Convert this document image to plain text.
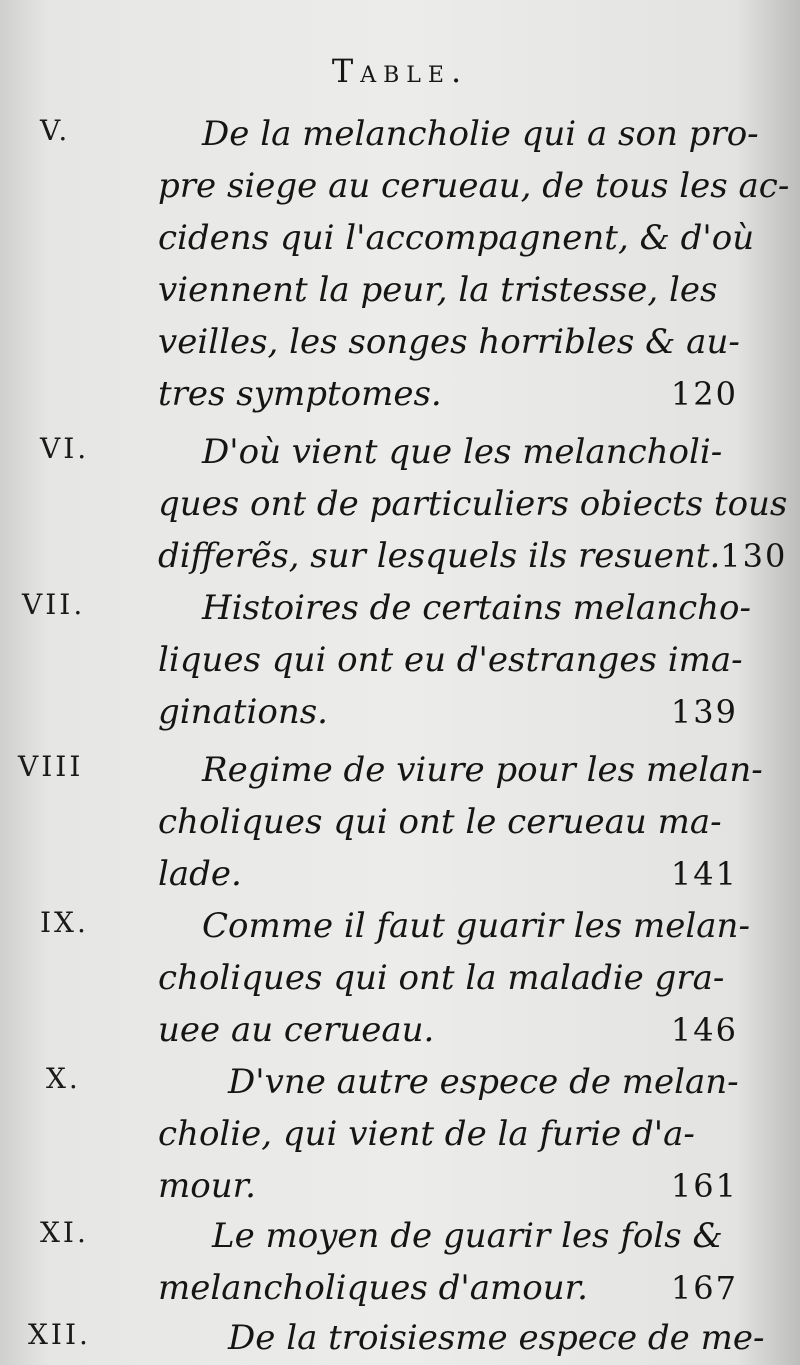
Table.
V.	De la melancholie qui a son pro-
pre siege au cerueau, de tous les ac-
cidens qui l'accompagnent, & d'où
viennent la peur, la tristesse, les
veilles, les songes horribles & au-
tres symptomes.	120
VI.	D'où vient que les melancholi-
ques ont de particuliers obiects tous
differẽs, sur lesquels ils resuent. 130
VII.	Histoires de certains melancho-
liques qui ont eu d'estranges ima-
ginations.	139
VIII	Regime de viure pour les melan-
choliques qui ont le cerueau ma-
lade.	141
IX.	Comme il faut guarir les melan-
choliques qui ont la maladie gra-
uee au cerueau.	146
X.	D'vne autre espece de melan-
cholie, qui vient de la furie d'a-
mour.	161
XI.	Le moyen de guarir les fols &
melancholiques d'amour.	167
XII.	De la troisiesme espece de me-
